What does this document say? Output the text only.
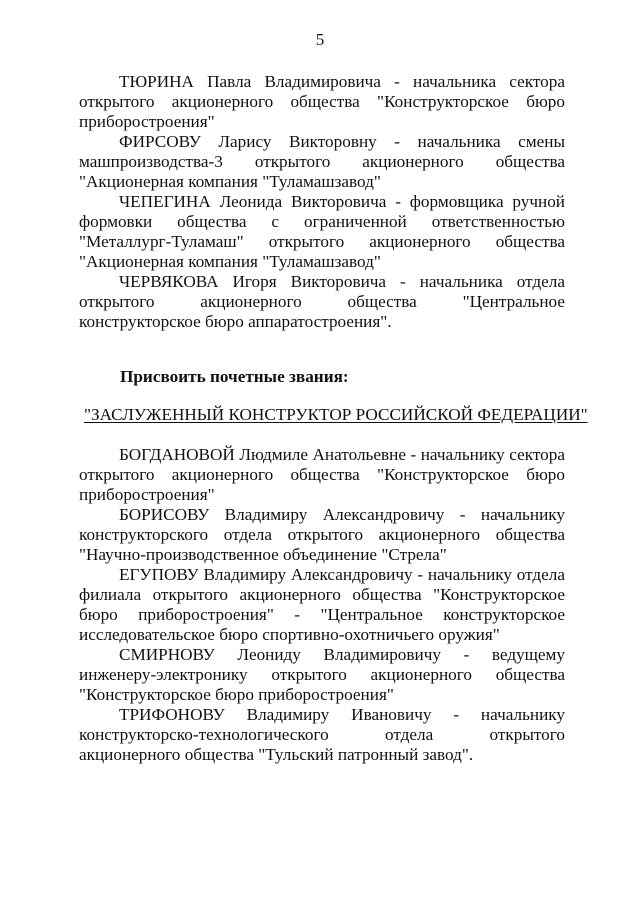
5

ТЮРИНА Павла Владимировича - начальника сектора открытого акционерного общества "Конструкторское бюро приборостроения"

ФИРСОВУ Ларису Викторовну - начальника смены машпроизводства-3 открытого акционерного общества "Акционерная компания "Туламашзавод"

ЧЕПЕГИНА Леонида Викторовича - формовщика ручной формовки общества с ограниченной ответственностью "Металлург-Туламаш" открытого акционерного общества "Акционерная компания "Туламашзавод"

ЧЕРВЯКОВА Игоря Викторовича - начальника отдела открытого акционерного общества "Центральное конструкторское бюро аппаратостроения".

Присвоить почетные звания:
"ЗАСЛУЖЕННЫЙ КОНСТРУКТОР РОССИЙСКОЙ ФЕДЕРАЦИИ"

БОГДАНОВОЙ Людмиле Анатольевне - начальнику сектора открытого акционерного общества "Конструкторское бюро приборостроения"

БОРИСОВУ Владимиру Александровичу - начальнику конструкторского отдела открытого акционерного общества "Научно-производственное объединение "Стрела"

ЕГУПОВУ Владимиру Александровичу - начальнику отдела филиала открытого акционерного общества "Конструкторское бюро приборостроения" - "Центральное конструкторское исследовательское бюро спортивно-охотничьего оружия"

СМИРНОВУ Леониду Владимировичу - ведущему инженеру-электронику открытого акционерного общества "Конструкторское бюро приборостроения"

ТРИФОНОВУ Владимиру Ивановичу - начальнику конструкторско-технологического отдела открытого акционерного общества "Тульский патронный завод".
